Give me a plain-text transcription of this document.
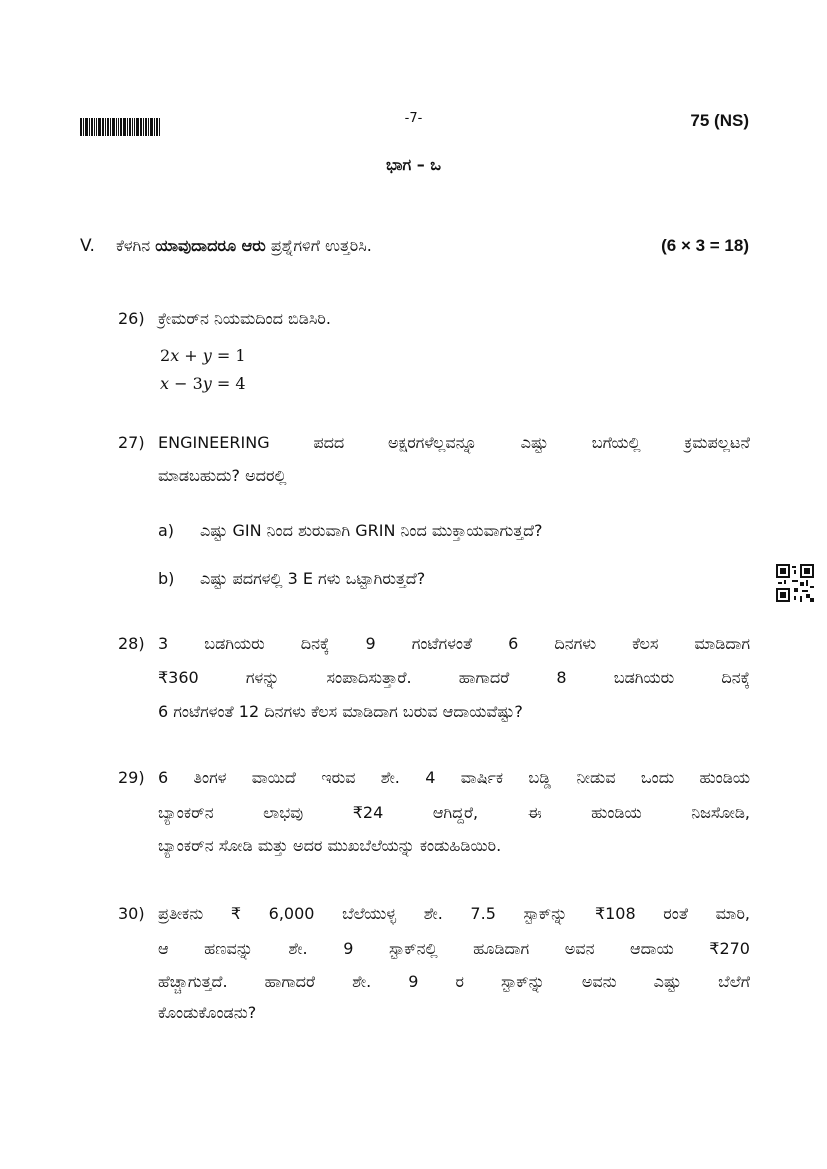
-7-	75 (NS)
ಭಾಗ – ಒ
V. ಕೆಳಗಿನ ಯಾವುದಾದರೂ ಆರು ಪ್ರಶ್ನೆಗಳಿಗೆ ಉತ್ತರಿಸಿ.	(6 × 3 = 18)
26) ಕ್ರೇಮರ್‌ನ ನಿಯಮದಿಂದ ಬಿಡಿಸಿರಿ.
2x + y = 1
x − 3y = 4
27) ENGINEERING ಪದದ ಅಕ್ಷರಗಳೆಲ್ಲವನ್ನೂ ಎಷ್ಟು ಬಗೆಯಲ್ಲಿ ಕ್ರಮಪಲ್ಲಟನೆ
ಮಾಡಬಹುದು? ಅದರಲ್ಲಿ
a) ಎಷ್ಟು GIN ನಿಂದ ಶುರುವಾಗಿ GRIN ನಿಂದ ಮುಕ್ತಾಯವಾಗುತ್ತದೆ?
b) ಎಷ್ಟು ಪದಗಳಲ್ಲಿ 3 E ಗಳು ಒಟ್ಟಾಗಿರುತ್ತದೆ?
28) 3 ಬಡಗಿಯರು ದಿನಕ್ಕೆ 9 ಗಂಟೆಗಳಂತೆ 6 ದಿನಗಳು ಕೆಲಸ ಮಾಡಿದಾಗ
₹360 ಗಳನ್ನು ಸಂಪಾದಿಸುತ್ತಾರೆ. ಹಾಗಾದರೆ 8 ಬಡಗಿಯರು ದಿನಕ್ಕೆ
6 ಗಂಟೆಗಳಂತೆ 12 ದಿನಗಳು ಕೆಲಸ ಮಾಡಿದಾಗ ಬರುವ ಆದಾಯವೆಷ್ಟು?
29) 6 ತಿಂಗಳ ವಾಯಿದೆ ಇರುವ ಶೇ. 4 ವಾರ್ಷಿಕ ಬಡ್ಡಿ ನೀಡುವ ಒಂದು ಹುಂಡಿಯ
ಬ್ಯಾಂಕರ್‌ನ ಲಾಭವು ₹24 ಆಗಿದ್ದರೆ, ಈ ಹುಂಡಿಯ ನಿಜಸೋಡಿ,
ಬ್ಯಾಂಕರ್‌ನ ಸೋಡಿ ಮತ್ತು ಅದರ ಮುಖಬೆಲೆಯನ್ನು ಕಂಡುಹಿಡಿಯಿರಿ.
30) ಪ್ರತೀಕನು ₹ 6,000 ಬೆಲೆಯುಳ್ಳ ಶೇ. 7.5 ಸ್ಟಾಕ್‌ನ್ನು ₹108 ರಂತೆ ಮಾರಿ,
ಆ ಹಣವನ್ನು ಶೇ. 9 ಸ್ಟಾಕ್‌ನಲ್ಲಿ ಹೂಡಿದಾಗ ಅವನ ಆದಾಯ ₹270
ಹೆಚ್ಚಾಗುತ್ತದೆ. ಹಾಗಾದರೆ ಶೇ. 9 ರ ಸ್ಟಾಕ್‌ನ್ನು ಅವನು ಎಷ್ಟು ಬೆಲೆಗೆ
ಕೊಂಡುಕೊಂಡನು?
